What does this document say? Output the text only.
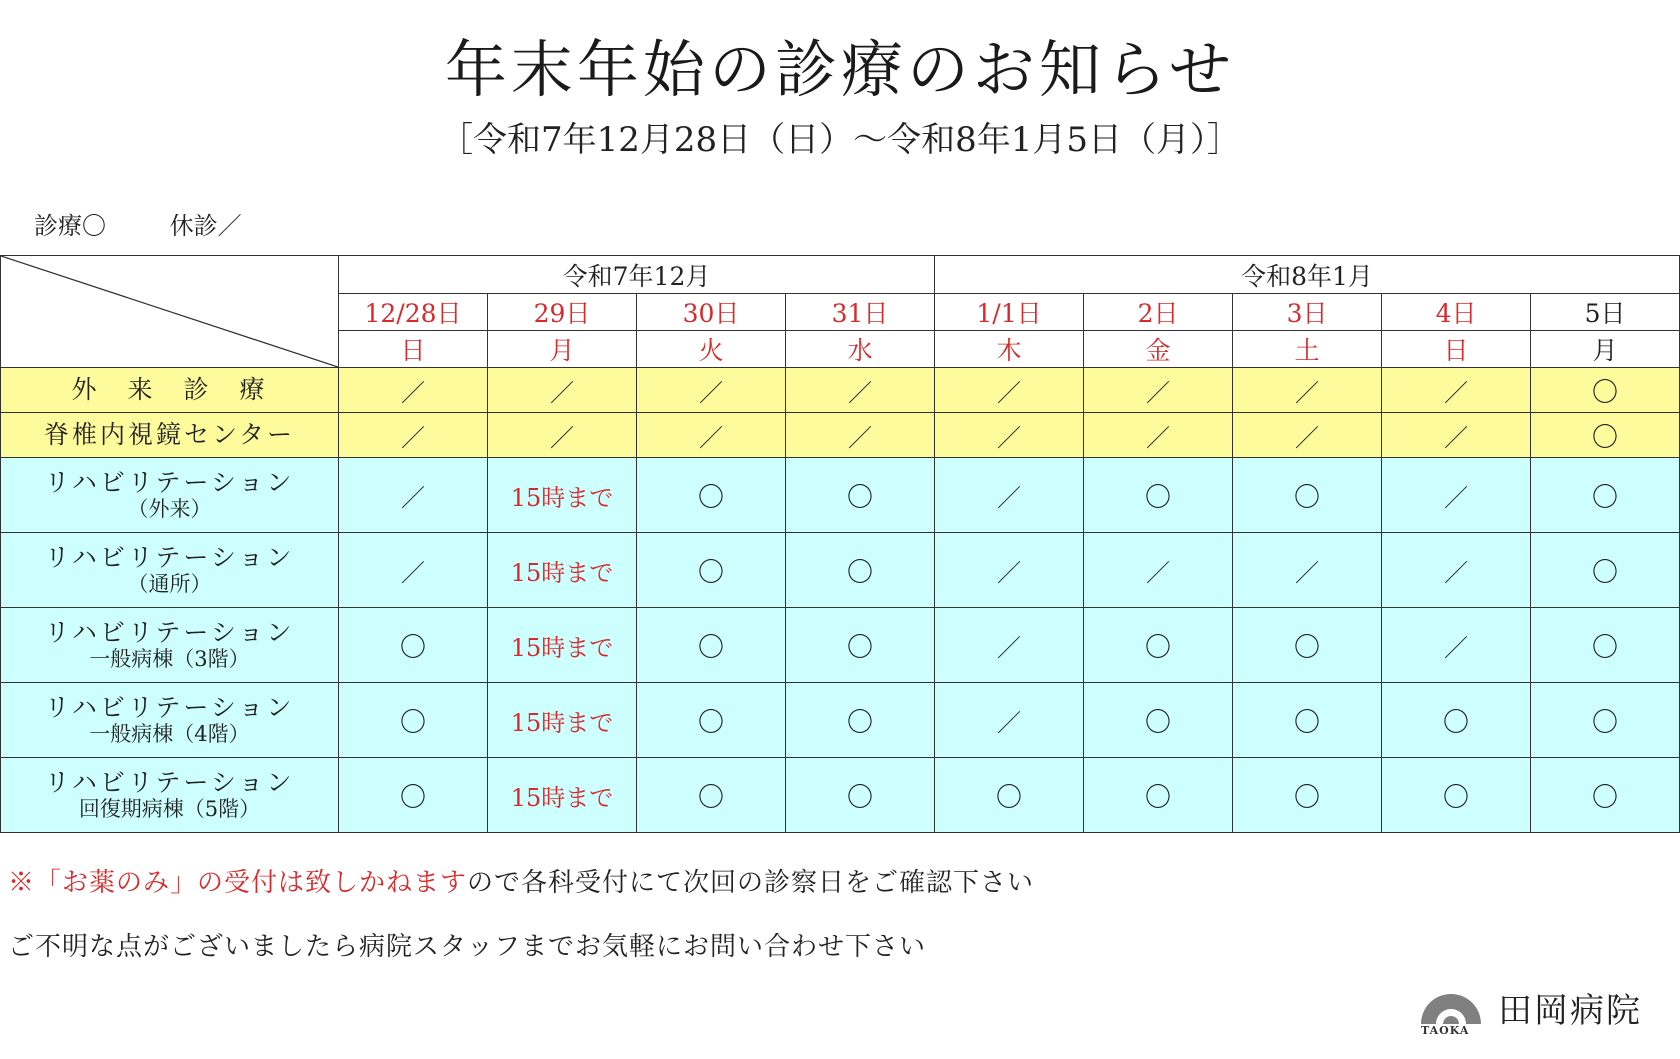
年末年始の診療のお知らせ
［令和7年12月28日（日）～令和8年1月5日（月）］
診療〇	休診／
	令和7年12月				令和8年1月				
	12/28日	29日	30日	31日	1/1日	2日	3日	4日	5日
	日	月	火	水	木	金	土	日	月

外　来　診　療	／	／	／	／	／	／	／	／	〇

脊椎内視鏡センター	／	／	／	／	／	／	／	／	〇

リハビリテーション
（外来）	／	15時まで	〇	〇	／	〇	〇	／	〇

リハビリテーション
（通所）	／	15時まで	〇	〇	／	／	／	／	〇

リハビリテーション
一般病棟（3階）	〇	15時まで	〇	〇	／	〇	〇	／	〇

リハビリテーション
一般病棟（4階）	〇	15時まで	〇	〇	／	〇	〇	〇	〇

リハビリテーション
回復期病棟（5階）	〇	15時まで	〇	〇	〇	〇	〇	〇	〇
※「お薬のみ」の受付は致しかねますので各科受付にて次回の診察日をご確認下さい
ご不明な点がございましたら病院スタッフまでお気軽にお問い合わせ下さい
TAOKA 田岡病院
